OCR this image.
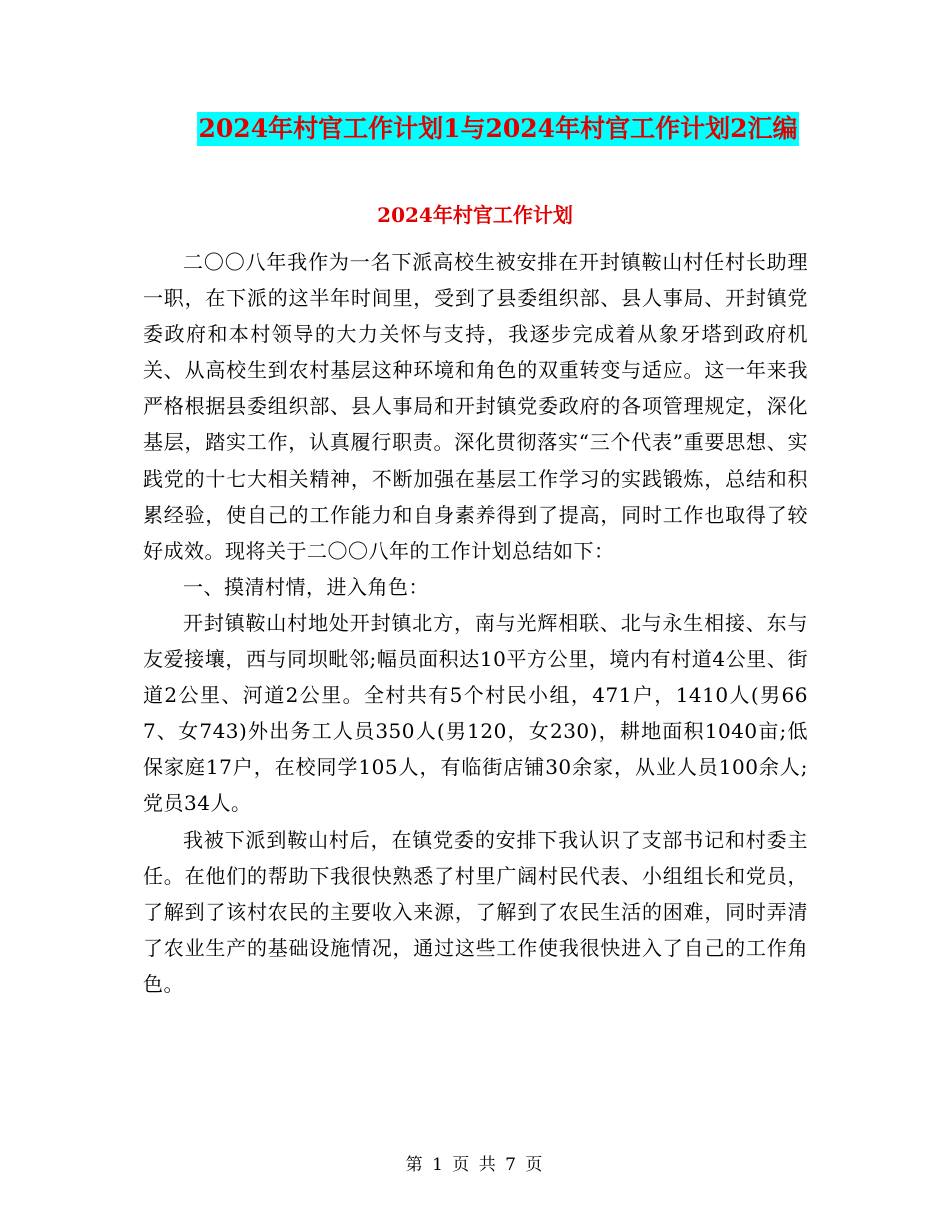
2024年村官工作计划1与2024年村官工作计划2汇编
2024年村官工作计划

二〇〇八年我作为一名下派高校生被安排在开封镇鞍山村任村长助理一职，在下派的这半年时间里，受到了县委组织部、县人事局、开封镇党委政府和本村领导的大力关怀与支持，我逐步完成着从象牙塔到政府机关、从高校生到农村基层这种环境和角色的双重转变与适应。这一年来我严格根据县委组织部、县人事局和开封镇党委政府的各项管理规定，深化基层，踏实工作，认真履行职责。深化贯彻落实“三个代表”重要思想、实践党的十七大相关精神，不断加强在基层工作学习的实践锻炼，总结和积累经验，使自己的工作能力和自身素养得到了提高，同时工作也取得了较好成效。现将关于二〇〇八年的工作计划总结如下：

一、摸清村情，进入角色：

开封镇鞍山村地处开封镇北方，南与光辉相联、北与永生相接、东与友爱接壤，西与同坝毗邻;幅员面积达10平方公里，境内有村道4公里、街道2公里、河道2公里。全村共有5个村民小组，471户，1410人(男667、女743)外出务工人员350人(男120，女230)，耕地面积1040亩;低保家庭17户，在校同学105人，有临街店铺30余家，从业人员100余人;党员34人。

我被下派到鞍山村后，在镇党委的安排下我认识了支部书记和村委主任。在他们的帮助下我很快熟悉了村里广阔村民代表、小组组长和党员，了解到了该村农民的主要收入来源，了解到了农民生活的困难，同时弄清了农业生产的基础设施情况，通过这些工作使我很快进入了自己的工作角色。

第 1 页 共 7 页
